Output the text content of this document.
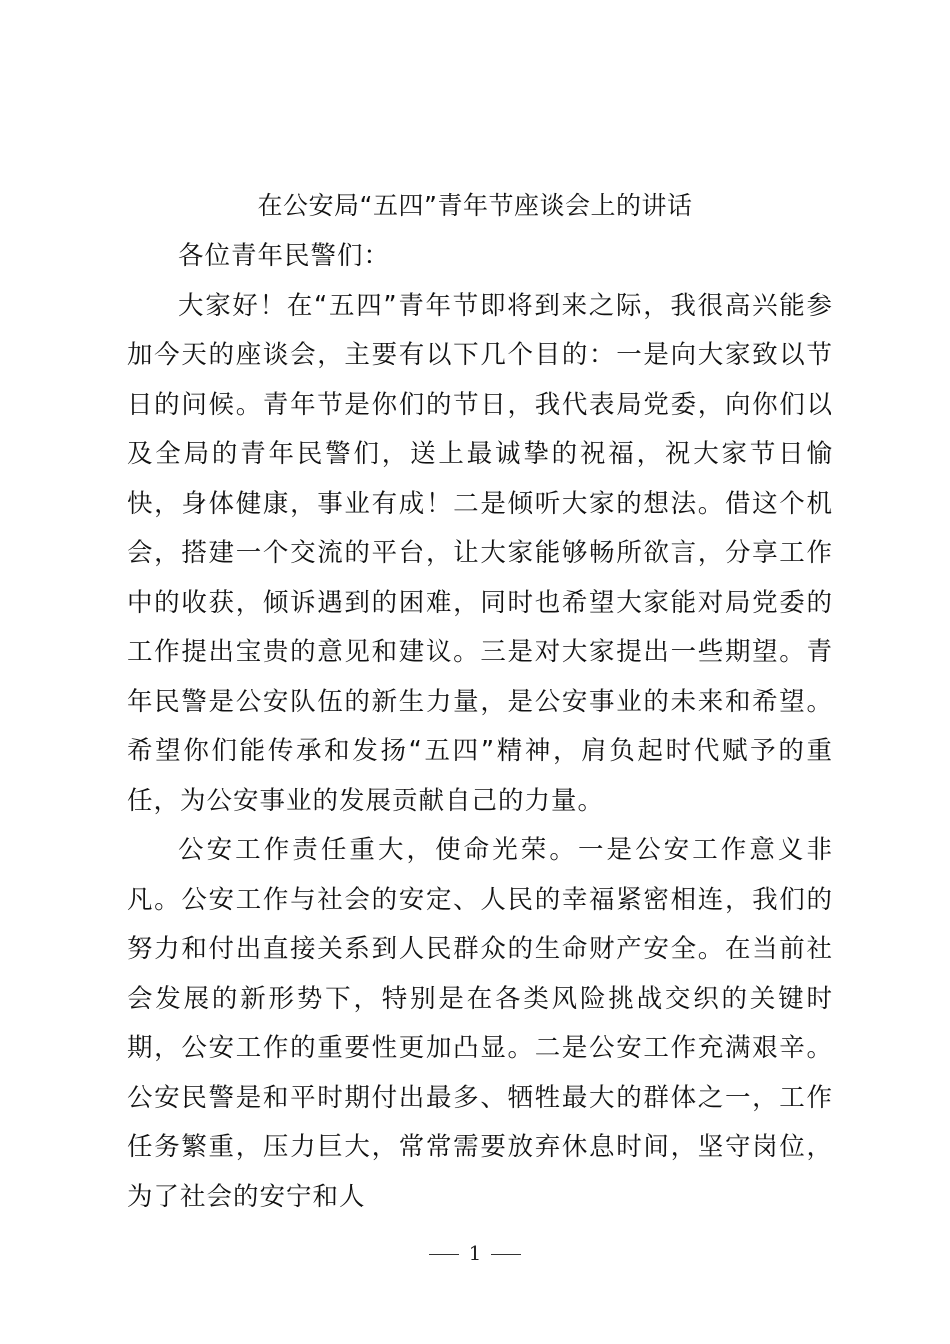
在公安局“五四”青年节座谈会上的讲话

各位青年民警们：

大家好！在“五四”青年节即将到来之际，我很高兴能参加今天的座谈会，主要有以下几个目的：一是向大家致以节日的问候。青年节是你们的节日，我代表局党委，向你们以及全局的青年民警们，送上最诚挚的祝福，祝大家节日愉快，身体健康，事业有成！二是倾听大家的想法。借这个机会，搭建一个交流的平台，让大家能够畅所欲言，分享工作中的收获，倾诉遇到的困难，同时也希望大家能对局党委的工作提出宝贵的意见和建议。三是对大家提出一些期望。青年民警是公安队伍的新生力量，是公安事业的未来和希望。希望你们能传承和发扬“五四”精神，肩负起时代赋予的重任，为公安事业的发展贡献自己的力量。

公安工作责任重大，使命光荣。一是公安工作意义非凡。公安工作与社会的安定、人民的幸福紧密相连，我们的努力和付出直接关系到人民群众的生命财产安全。在当前社会发展的新形势下，特别是在各类风险挑战交织的关键时期，公安工作的重要性更加凸显。二是公安工作充满艰辛。公安民警是和平时期付出最多、牺牲最大的群体之一，工作任务繁重，压力巨大，常常需要放弃休息时间，坚守岗位，为了社会的安宁和人

1
